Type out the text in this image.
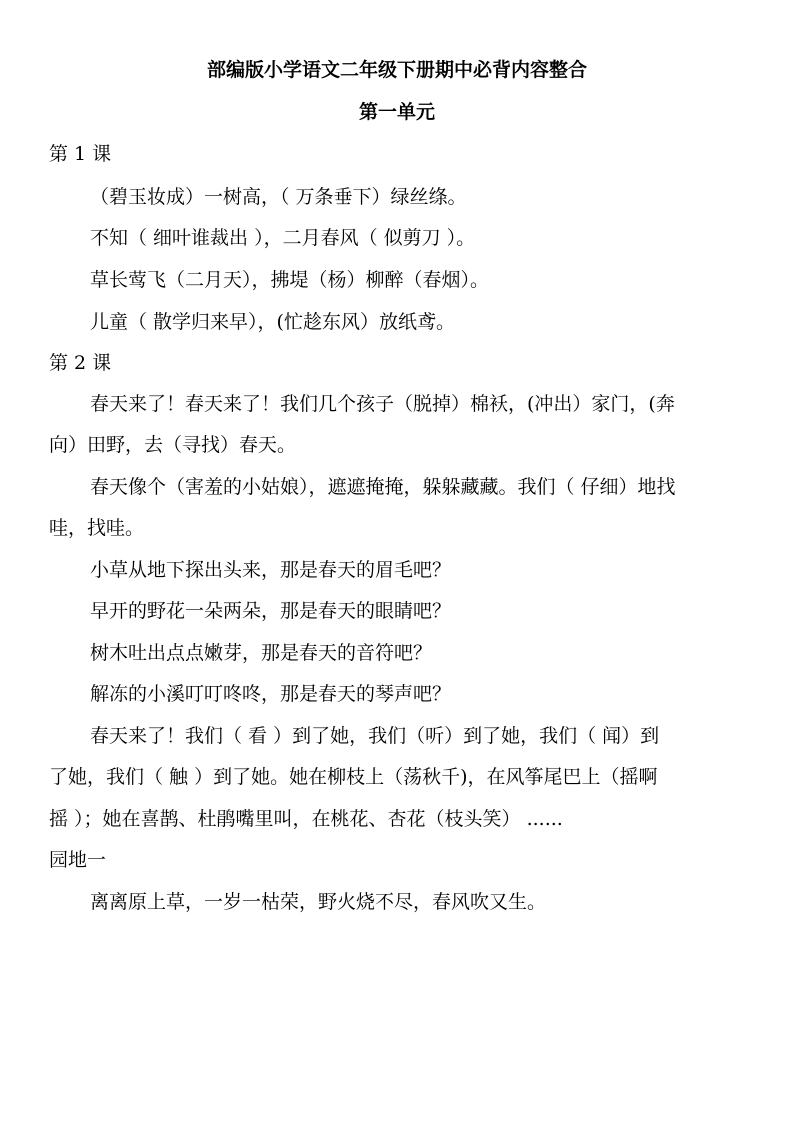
部编版小学语文二年级下册期中必背内容整合
第一单元
第 1 课
（碧玉妆成）一树高，（ 万条垂下）绿丝绦。
不知（ 细叶谁裁出 ），二月春风（ 似剪刀 ）。
草长莺飞（二月天），拂堤（杨）柳醉（春烟）。
儿童（ 散学归来早），(忙趁东风）放纸鸢。
第 2 课
春天来了！春天来了！我们几个孩子（脱掉）棉袄，(冲出）家门，(奔
向）田野，去（寻找）春天。
春天像个（害羞的小姑娘），遮遮掩掩，躲躲藏藏。我们（ 仔细）地找
哇，找哇。
小草从地下探出头来，那是春天的眉毛吧？
早开的野花一朵两朵，那是春天的眼睛吧？
树木吐出点点嫩芽，那是春天的音符吧？
解冻的小溪叮叮咚咚，那是春天的琴声吧？
春天来了！我们（ 看 ）到了她，我们（听）到了她，我们（ 闻）到
了她，我们（ 触 ）到了她。她在柳枝上（荡秋千)，在风筝尾巴上（摇啊
摇 ）；她在喜鹊、杜鹃嘴里叫，在桃花、杏花（枝头笑） ......
园地一
离离原上草，一岁一枯荣，野火烧不尽，春风吹又生。
